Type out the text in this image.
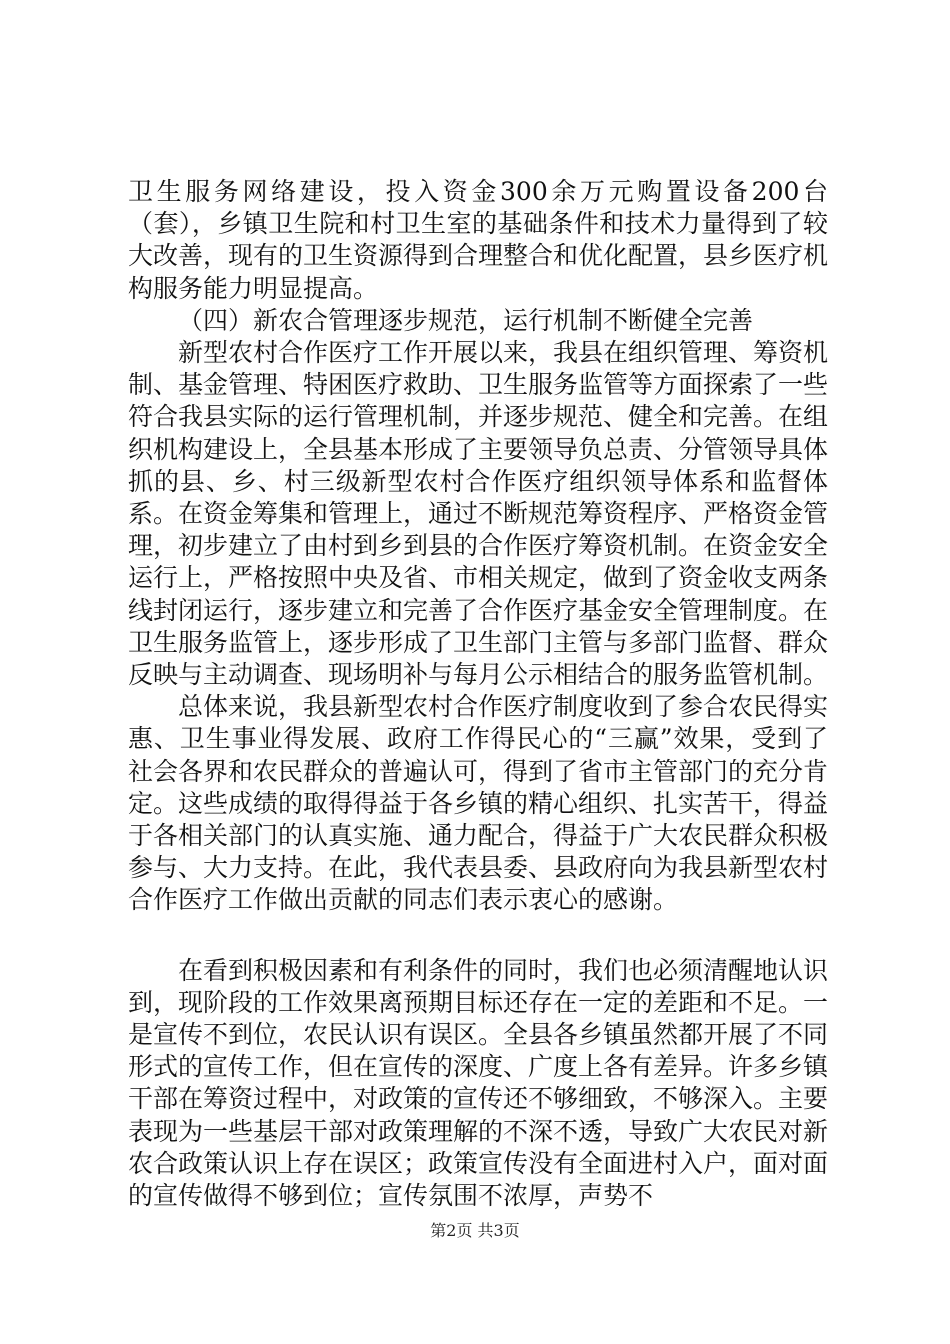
卫生服务网络建设，投入资金300余万元购置设备200台（套），乡镇卫生院和村卫生室的基础条件和技术力量得到了较大改善，现有的卫生资源得到合理整合和优化配置，县乡医疗机构服务能力明显提高。

（四）新农合管理逐步规范，运行机制不断健全完善

新型农村合作医疗工作开展以来，我县在组织管理、筹资机制、基金管理、特困医疗救助、卫生服务监管等方面探索了一些符合我县实际的运行管理机制，并逐步规范、健全和完善。在组织机构建设上，全县基本形成了主要领导负总责、分管领导具体抓的县、乡、村三级新型农村合作医疗组织领导体系和监督体系。在资金筹集和管理上，通过不断规范筹资程序、严格资金管理，初步建立了由村到乡到县的合作医疗筹资机制。在资金安全运行上，严格按照中央及省、市相关规定，做到了资金收支两条线封闭运行，逐步建立和完善了合作医疗基金安全管理制度。在卫生服务监管上，逐步形成了卫生部门主管与多部门监督、群众反映与主动调查、现场明补与每月公示相结合的服务监管机制。

总体来说，我县新型农村合作医疗制度收到了参合农民得实惠、卫生事业得发展、政府工作得民心的“三赢”效果，受到了社会各界和农民群众的普遍认可，得到了省市主管部门的充分肯定。这些成绩的取得得益于各乡镇的精心组织、扎实苦干，得益于各相关部门的认真实施、通力配合，得益于广大农民群众积极参与、大力支持。在此，我代表县委、县政府向为我县新型农村合作医疗工作做出贡献的同志们表示衷心的感谢。

在看到积极因素和有利条件的同时，我们也必须清醒地认识到，现阶段的工作效果离预期目标还存在一定的差距和不足。一是宣传不到位，农民认识有误区。全县各乡镇虽然都开展了不同形式的宣传工作，但在宣传的深度、广度上各有差异。许多乡镇干部在筹资过程中，对政策的宣传还不够细致，不够深入。主要表现为一些基层干部对政策理解的不深不透，导致广大农民对新农合政策认识上存在误区；政策宣传没有全面进村入户，面对面的宣传做得不够到位；宣传氛围不浓厚，声势不

第2页 共3页
